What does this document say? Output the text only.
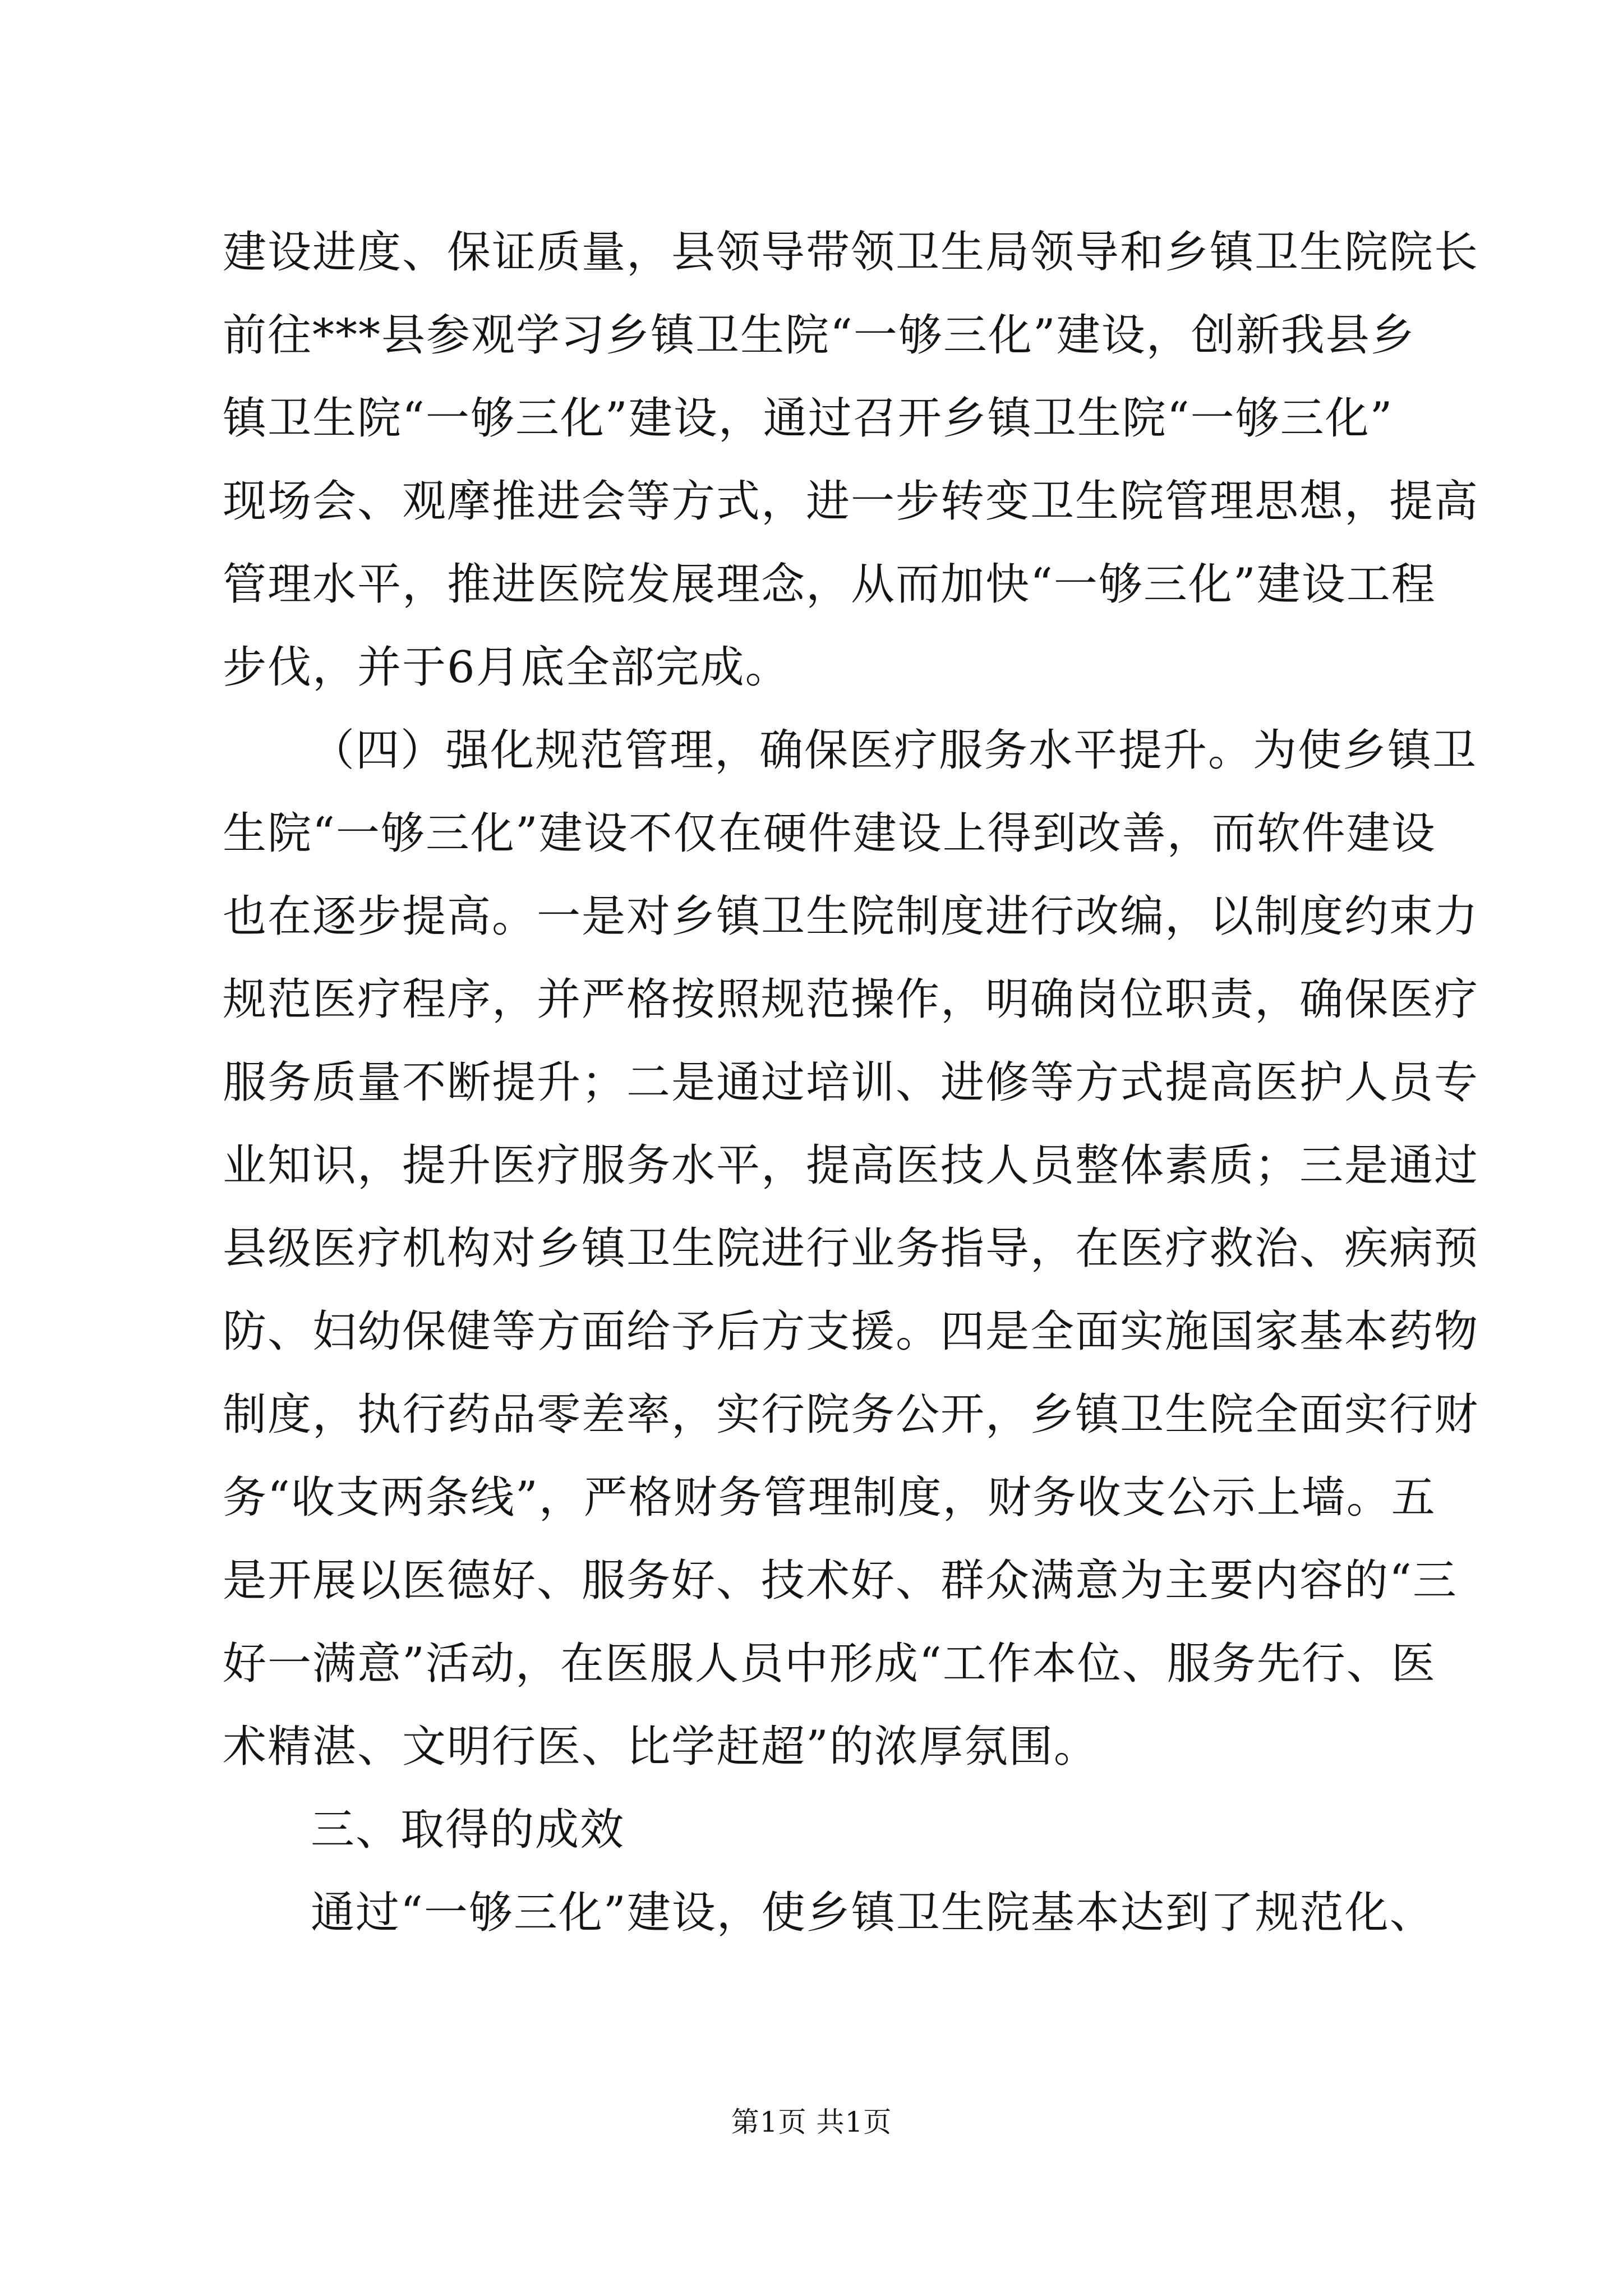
建设进度、保证质量，县领导带领卫生局领导和乡镇卫生院院长

前往***县参观学习乡镇卫生院“一够三化”建设，创新我县乡

镇卫生院“一够三化”建设，通过召开乡镇卫生院“一够三化”

现场会、观摩推进会等方式，进一步转变卫生院管理思想，提高

管理水平，推进医院发展理念，从而加快“一够三化”建设工程

步伐，并于6月底全部完成。

（四）强化规范管理，确保医疗服务水平提升。为使乡镇卫

生院“一够三化”建设不仅在硬件建设上得到改善，而软件建设

也在逐步提高。一是对乡镇卫生院制度进行改编，以制度约束力

规范医疗程序，并严格按照规范操作，明确岗位职责，确保医疗

服务质量不断提升；二是通过培训、进修等方式提高医护人员专

业知识，提升医疗服务水平，提高医技人员整体素质；三是通过

县级医疗机构对乡镇卫生院进行业务指导，在医疗救治、疾病预

防、妇幼保健等方面给予后方支援。四是全面实施国家基本药物

制度，执行药品零差率，实行院务公开，乡镇卫生院全面实行财

务“收支两条线”，严格财务管理制度，财务收支公示上墙。五

是开展以医德好、服务好、技术好、群众满意为主要内容的“三

好一满意”活动，在医服人员中形成“工作本位、服务先行、医

术精湛、文明行医、比学赶超”的浓厚氛围。

三、取得的成效

通过“一够三化”建设，使乡镇卫生院基本达到了规范化、

第1页 共1页
